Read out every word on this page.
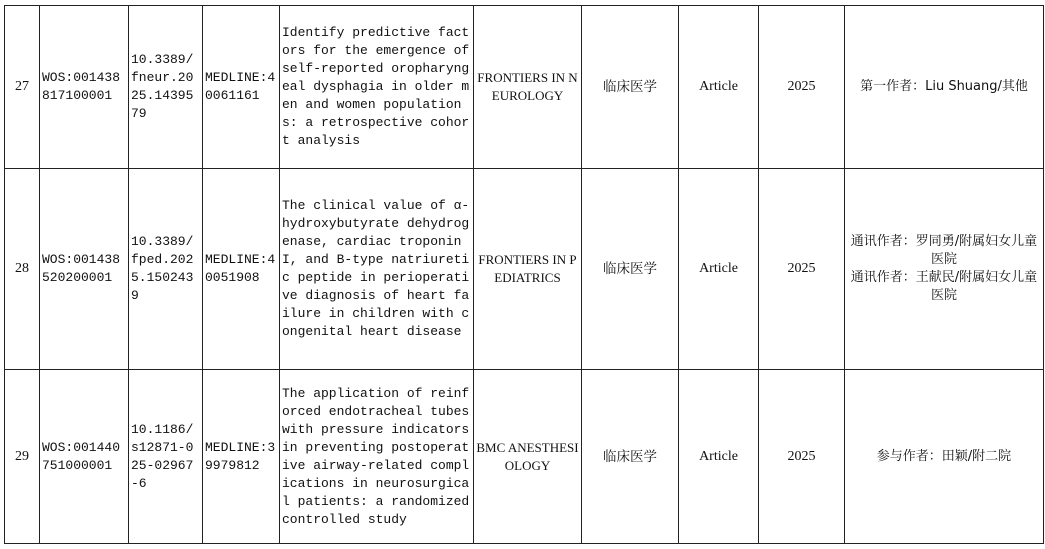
27	WOS:001438817100001	10.3389/fneur.2025.1439579	MEDLINE:40061161	Identify predictive factors for the emergence of self-reported oropharyngeal dysphagia in older men and women populations: a retrospective cohort analysis	FRONTIERS IN NEUROLOGY	临床医学	Article	2025	第一作者：Liu Shuang/其他

28	WOS:001438520200001	10.3389/fped.2025.1502439	MEDLINE:40051908	The clinical value of α-hydroxybutyrate dehydrogenase, cardiac troponin I, and B-type natriuretic peptide in perioperative diagnosis of heart failure in children with congenital heart disease	FRONTIERS IN PEDIATRICS	临床医学	Article	2025	通讯作者：罗同勇/附属妇女儿童医院
通讯作者：王献民/附属妇女儿童医院

29	WOS:001440751000001	10.1186/s12871-025-02967-6	MEDLINE:39979812	The application of reinforced endotracheal tubes with pressure indicators in preventing postoperative airway-related complications in neurosurgical patients: a randomized controlled study	BMC ANESTHESIOLOGY	临床医学	Article	2025	参与作者：田颖/附二院
